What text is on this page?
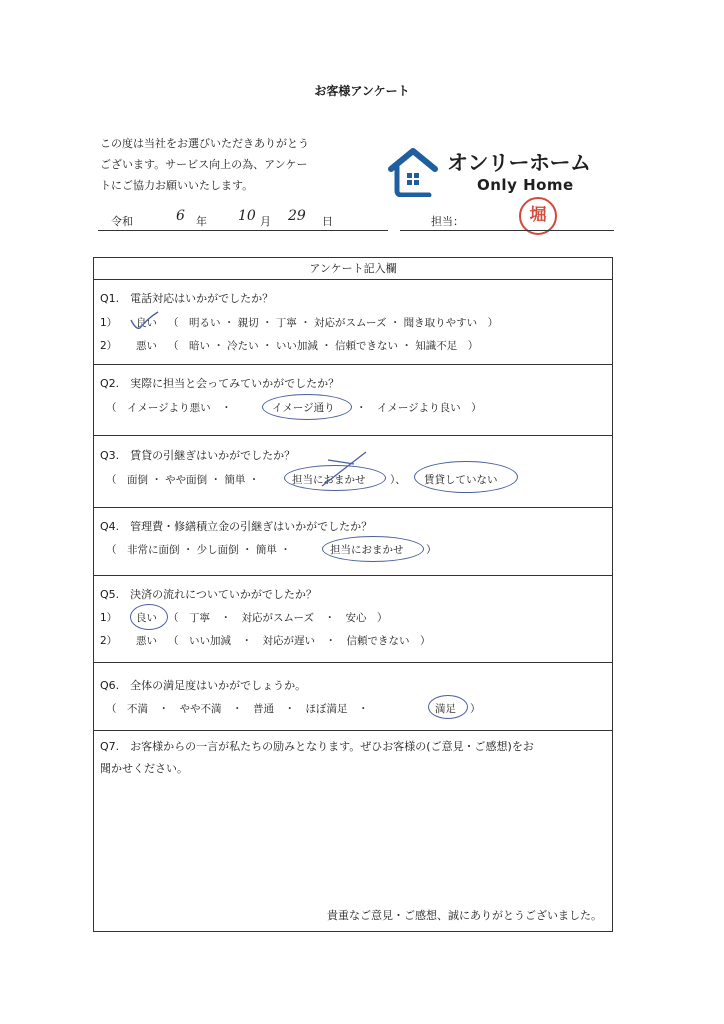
お客様アンケート
この度は当社をお選びいただきありがとう
ございます。サービス向上の為、アンケー
トにご協力お願いいたします。
オンリーホーム
Only Home
令和	6 年 10 月 29 日	担当：	堀
アンケート記入欄
Q1.　電話対応はいかがでしたか？
1） 良い （　明るい ・ 親切 ・ 丁寧 ・ 対応がスムーズ ・ 聞き取りやすい　）
2） 悪い （　暗い ・ 冷たい ・ いい加減 ・ 信頼できない ・ 知識不足　）
Q2.　実際に担当と会ってみていかがでしたか？
（　イメージより悪い　・	イメージ通り ・　イメージより良い　）
Q3.　賃貸の引継ぎはいかがでしたか？
（　面倒 ・ やや面倒 ・ 簡単 ・	担当におまかせ ）、 賃貸していない
Q4.　管理費・修繕積立金の引継ぎはいかがでしたか？
（　非常に面倒 ・ 少し面倒 ・ 簡単 ・	担当におまかせ ）
Q5.　決済の流れについていかがでしたか？
1） 良い （　丁寧　・　対応がスムーズ　・　安心　）
2） 悪い （　いい加減　・　対応が遅い　・　信頼できない　）
Q6.　全体の満足度はいかがでしょうか。
（　不満　・　やや不満　・　普通　・　ほぼ満足　・	満足 ）
Q7.　お客様からの一言が私たちの励みとなります。ぜひお客様の(ご意見・ご感想)をお
聞かせください。
貴重なご意見・ご感想、誠にありがとうございました。
